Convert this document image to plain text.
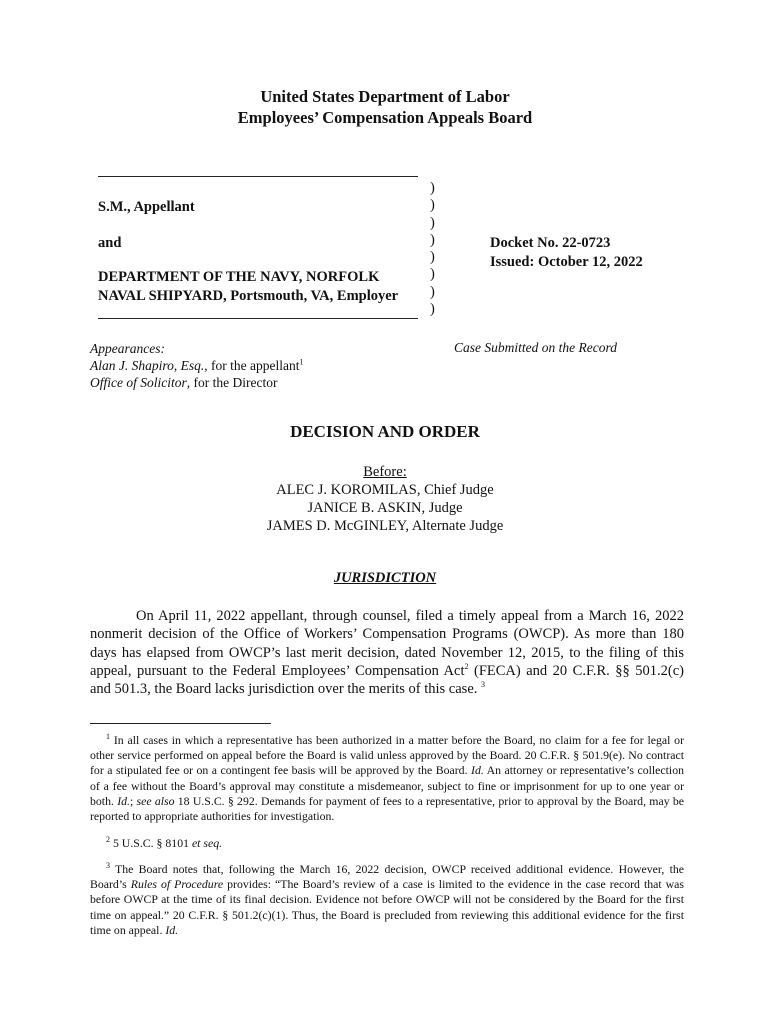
United States Department of Labor
Employees’ Compensation Appeals Board
S.M., Appellant
and
DEPARTMENT OF THE NAVY, NORFOLK
NAVAL SHIPYARD, Portsmouth, VA, Employer
)
)
)
)
)
)
)
)
Docket No. 22-0723
Issued: October 12, 2022
Appearances:
Alan J. Shapiro, Esq., for the appellant$^1$
Office of Solicitor, for the Director
Case Submitted on the Record
DECISION AND ORDER
Before:
ALEC J. KOROMILAS, Chief Judge
JANICE B. ASKIN, Judge
JAMES D. McGINLEY, Alternate Judge
JURISDICTION
On April 11, 2022 appellant, through counsel, filed a timely appeal from a March 16, 2022 nonmerit decision of the Office of Workers’ Compensation Programs (OWCP). As more than 180 days has elapsed from OWCP’s last merit decision, dated November 12, 2015, to the filing of this appeal, pursuant to the Federal Employees’ Compensation Act$^2$ (FECA) and 20 C.F.R. §§ 501.2(c) and 501.3, the Board lacks jurisdiction over the merits of this case. $^3$
$^1$ In all cases in which a representative has been authorized in a matter before the Board, no claim for a fee for legal or other service performed on appeal before the Board is valid unless approved by the Board. 20 C.F.R. § 501.9(e). No contract for a stipulated fee or on a contingent fee basis will be approved by the Board. Id. An attorney or representative’s collection of a fee without the Board’s approval may constitute a misdemeanor, subject to fine or imprisonment for up to one year or both. Id.; see also 18 U.S.C. § 292. Demands for payment of fees to a representative, prior to approval by the Board, may be reported to appropriate authorities for investigation.
$^2$ 5 U.S.C. § 8101 et seq.
$^3$ The Board notes that, following the March 16, 2022 decision, OWCP received additional evidence. However, the Board’s Rules of Procedure provides: “The Board’s review of a case is limited to the evidence in the case record that was before OWCP at the time of its final decision. Evidence not before OWCP will not be considered by the Board for the first time on appeal.” 20 C.F.R. § 501.2(c)(1). Thus, the Board is precluded from reviewing this additional evidence for the first time on appeal. Id.
